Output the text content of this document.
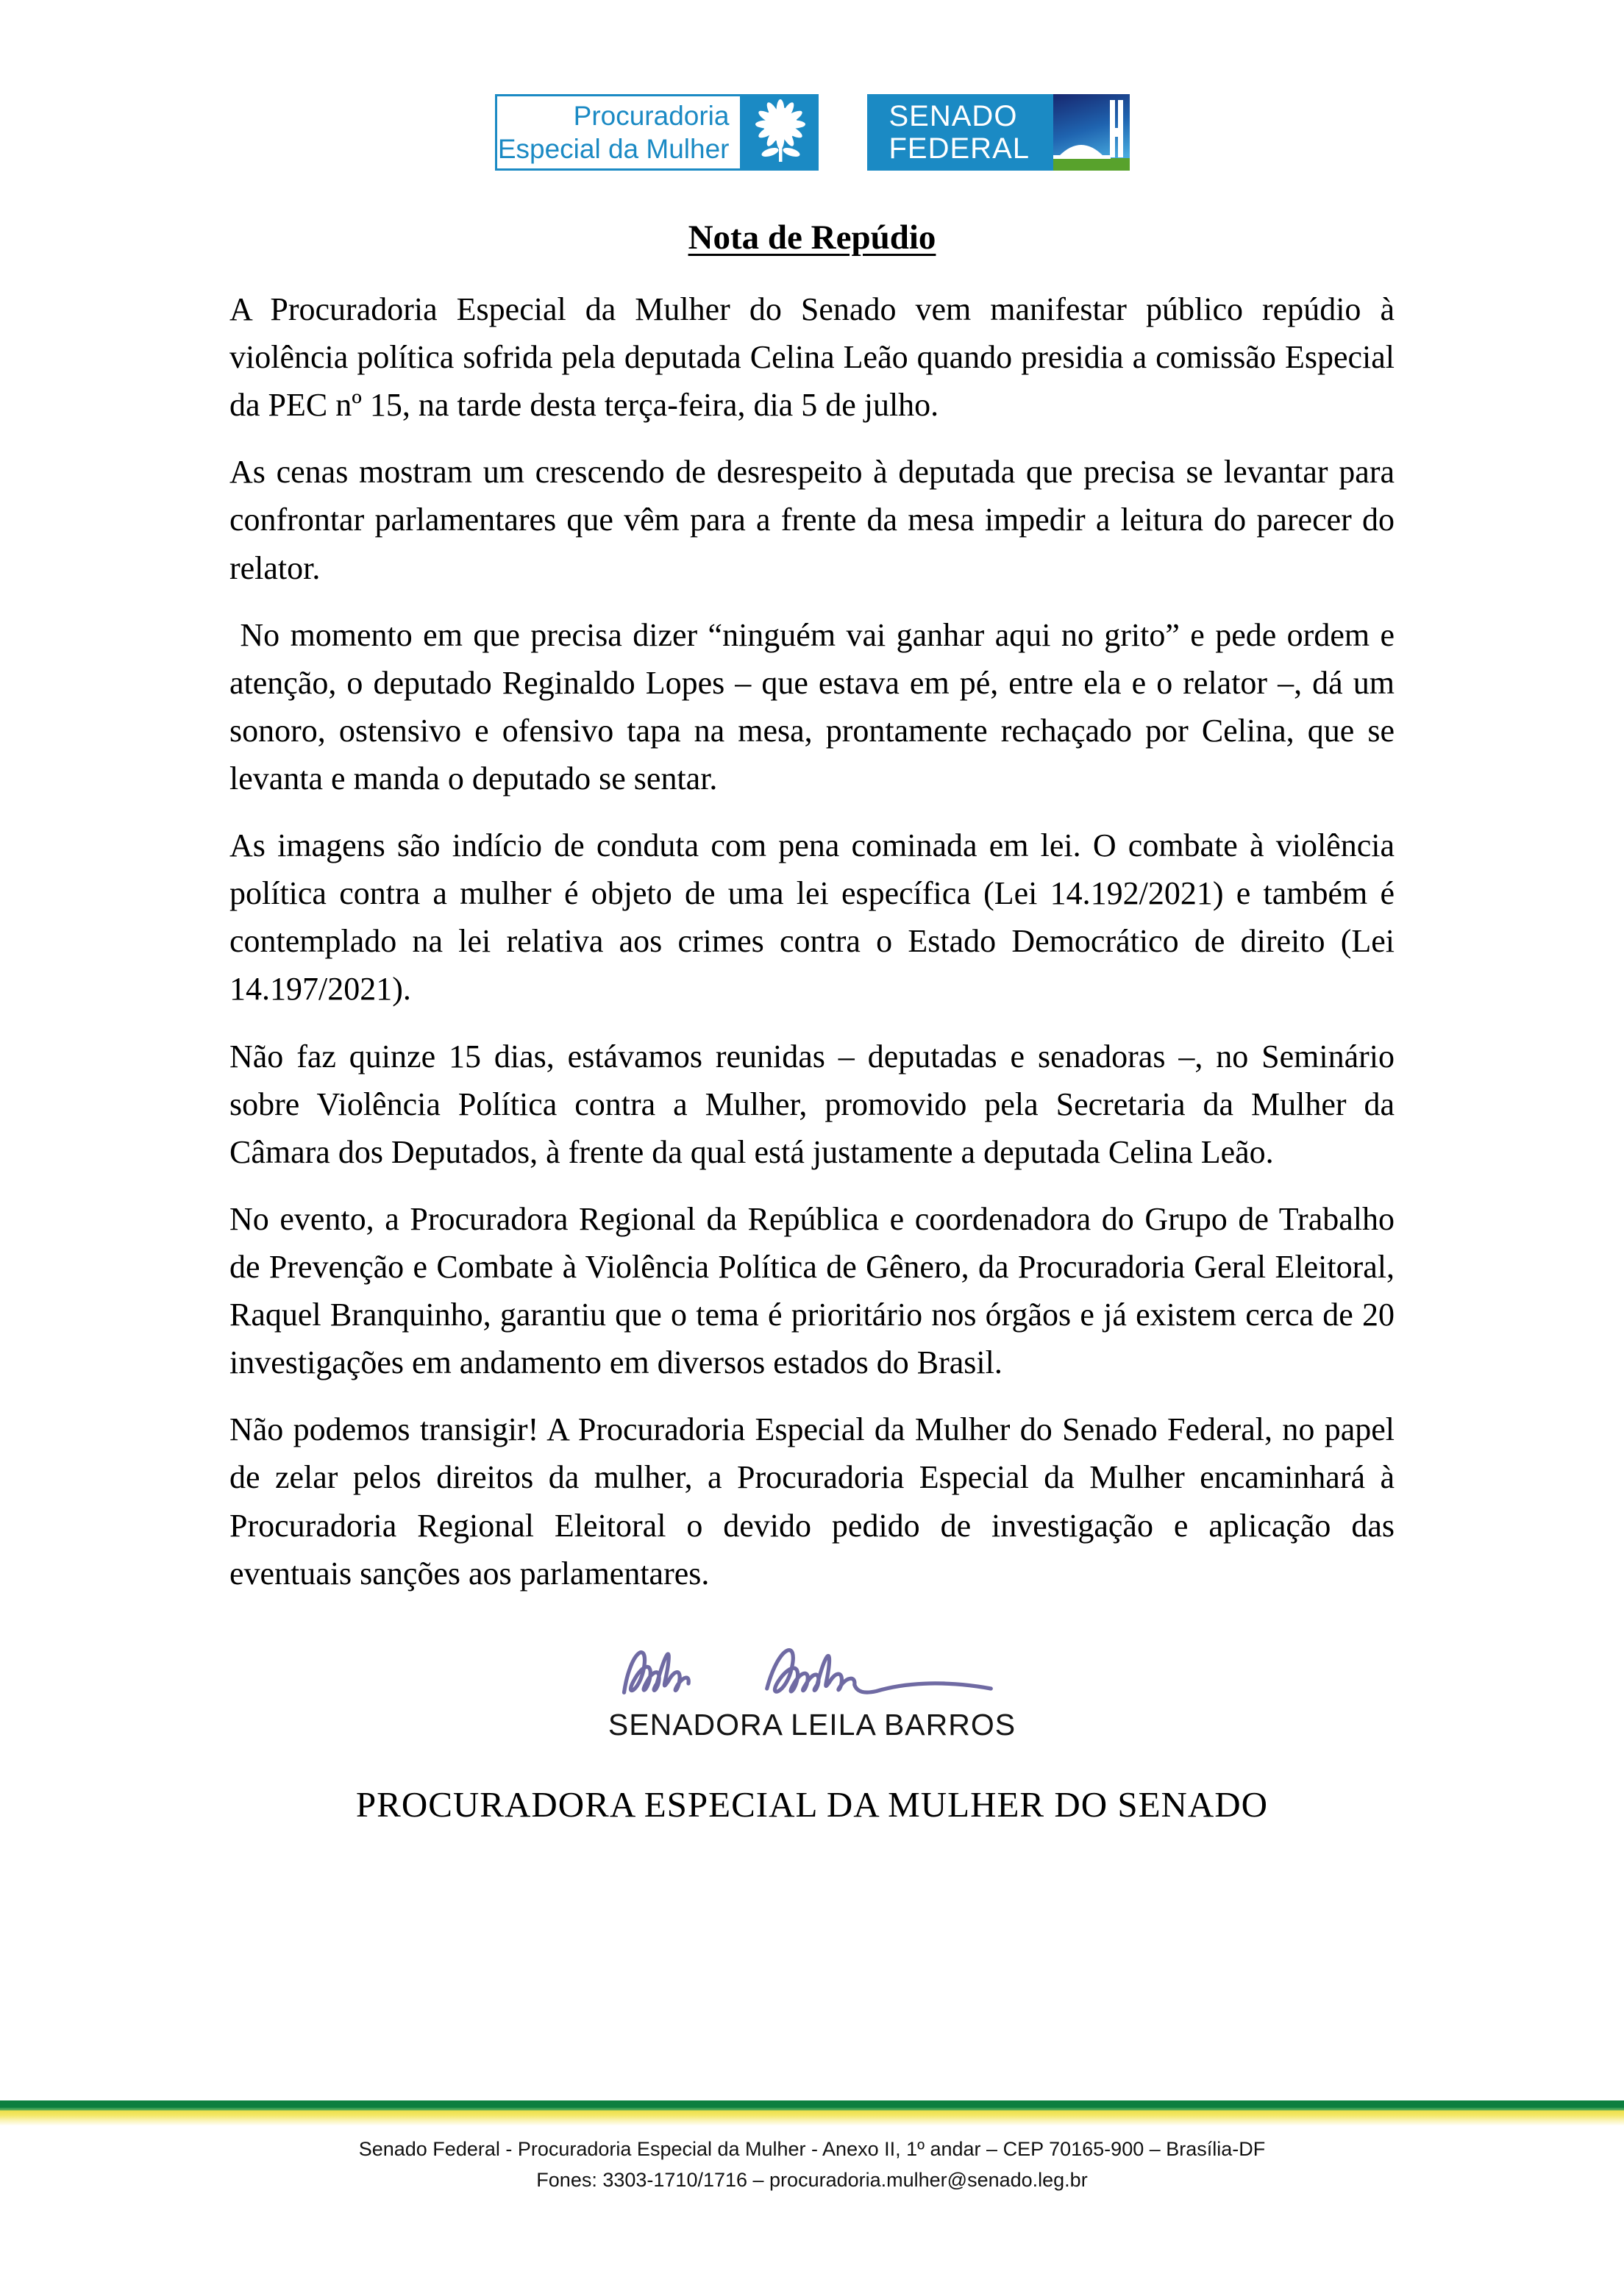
Procuradoria
Especial da Mulher
SENADO
FEDERAL
Nota de Repúdio

A Procuradoria Especial da Mulher do Senado vem manifestar público repúdio à violência política sofrida pela deputada Celina Leão quando presidia a comissão Especial da PEC nº 15, na tarde desta terça-feira, dia 5 de julho.

As cenas mostram um crescendo de desrespeito à deputada que precisa se levantar para confrontar parlamentares que vêm para a frente da mesa impedir a leitura do parecer do relator.

No momento em que precisa dizer “ninguém vai ganhar aqui no grito” e pede ordem e atenção, o deputado Reginaldo Lopes – que estava em pé, entre ela e o relator –, dá um sonoro, ostensivo e ofensivo tapa na mesa, prontamente rechaçado por Celina, que se levanta e manda o deputado se sentar.

As imagens são indício de conduta com pena cominada em lei. O combate à violência política contra a mulher é objeto de uma lei específica (Lei 14.192/2021) e também é contemplado na lei relativa aos crimes contra o Estado Democrático de direito (Lei 14.197/2021).

Não faz quinze 15 dias, estávamos reunidas – deputadas e senadoras –, no Seminário sobre Violência Política contra a Mulher, promovido pela Secretaria da Mulher da Câmara dos Deputados, à frente da qual está justamente a deputada Celina Leão.

No evento, a Procuradora Regional da República e coordenadora do Grupo de Trabalho de Prevenção e Combate à Violência Política de Gênero, da Procuradoria Geral Eleitoral, Raquel Branquinho, garantiu que o tema é prioritário nos órgãos e já existem cerca de 20 investigações em andamento em diversos estados do Brasil.

Não podemos transigir! A Procuradoria Especial da Mulher do Senado Federal, no papel de zelar pelos direitos da mulher, a Procuradoria Especial da Mulher encaminhará à Procuradoria Regional Eleitoral o devido pedido de investigação e aplicação das eventuais sanções aos parlamentares.

SENADORA LEILA BARROS
PROCURADORA ESPECIAL DA MULHER DO SENADO
Senado Federal - Procuradoria Especial da Mulher - Anexo II, 1º andar – CEP 70165-900 – Brasília-DF
Fones: 3303-1710/1716 – procuradoria.mulher@senado.leg.br
